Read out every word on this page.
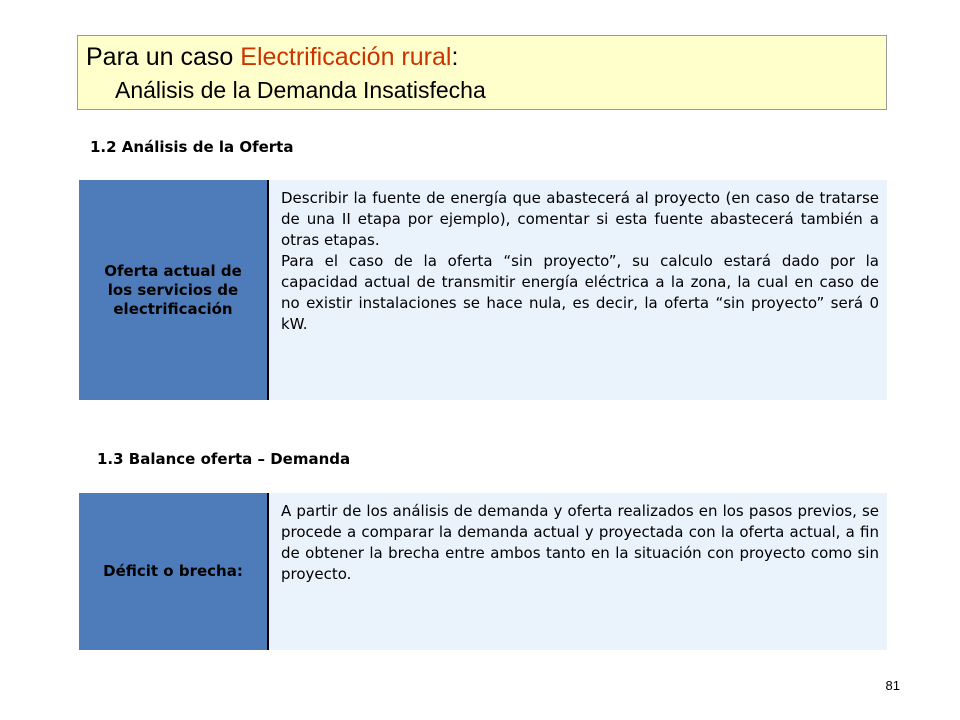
Para un caso Electrificación rural:
Análisis de la Demanda Insatisfecha
1.2 Análisis de la Oferta
Oferta actual de los servicios de electrificación

Describir la fuente de energía que abastecerá al proyecto (en caso de tratarse de una II etapa por ejemplo), comentar si esta fuente abastecerá también a otras etapas.

Para el caso de la oferta “sin proyecto”, su calculo estará dado por la capacidad actual de transmitir energía eléctrica a la zona, la cual en caso de no existir instalaciones se hace nula, es decir, la oferta “sin proyecto” será 0 kW.

1.3 Balance oferta – Demanda
Déficit o brecha:

A partir de los análisis de demanda y oferta realizados en los pasos previos, se procede a comparar la demanda actual y proyectada con la oferta actual, a fin de obtener la brecha entre ambos tanto en la situación con proyecto como sin proyecto.

81
